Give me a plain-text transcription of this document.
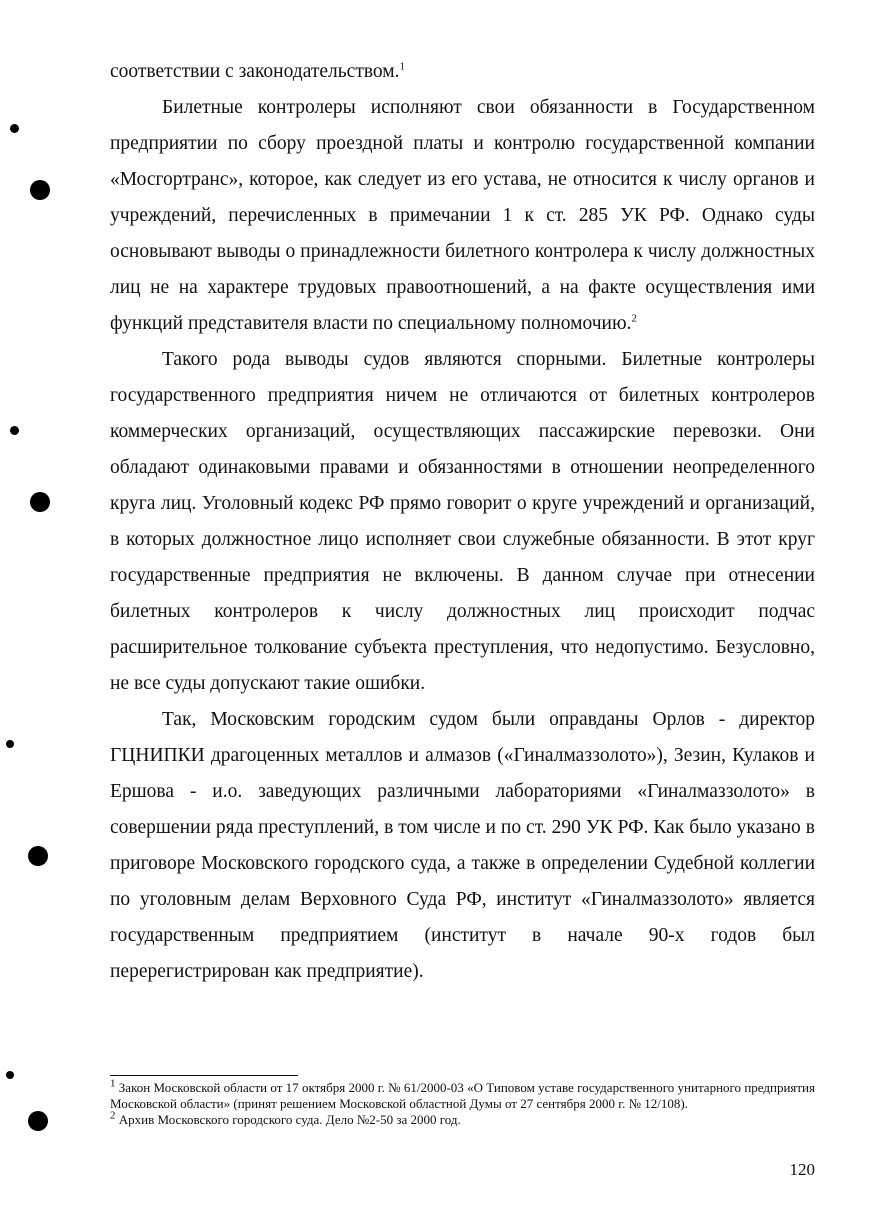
соответствии с законодательством.$^1$

Билетные контролеры исполняют свои обязанности в Государственном предприятии по сбору проездной платы и контролю государственной компании «Мосгортранс», которое, как следует из его устава, не относится к числу органов и учреждений, перечисленных в примечании 1 к ст. 285 УК РФ. Однако суды основывают выводы о принадлежности билетного контролера к числу должностных лиц не на характере трудовых правоотношений, а на факте осуществления ими функций представителя власти по специальному полномочию.$^2$

Такого рода выводы судов являются спорными. Билетные контролеры государственного предприятия ничем не отличаются от билетных контролеров коммерческих организаций, осуществляющих пассажирские перевозки. Они обладают одинаковыми правами и обязанностями в отношении неопределенного круга лиц. Уголовный кодекс РФ прямо говорит о круге учреждений и организаций, в которых должностное лицо исполняет свои служебные обязанности. В этот круг государственные предприятия не включены. В данном случае при отнесении билетных контролеров к числу должностных лиц происходит подчас расширительное толкование субъекта преступления, что недопустимо. Безусловно, не все суды допускают такие ошибки.

Так, Московским городским судом были оправданы Орлов - директор ГЦНИПКИ драгоценных металлов и алмазов («Гиналмаззолото»), Зезин, Кулаков и Ершова - и.о. заведующих различными лабораториями «Гиналмаззолото» в совершении ряда преступлений, в том числе и по ст. 290 УК РФ. Как было указано в приговоре Московского городского суда, а также в определении Судебной коллегии по уголовным делам Верховного Суда РФ, институт «Гиналмаззолото» является государственным предприятием (институт в начале 90-х годов был перерегистрирован как предприятие).

$^1$ Закон Московской области от 17 октября 2000 г. № 61/2000-03 «О Типовом уставе государственного унитарного предприятия Московской области» (принят решением Московской областной Думы от 27 сентября 2000 г. № 12/108).

$^2$ Архив Московского городского суда. Дело №2-50 за 2000 год.

120
